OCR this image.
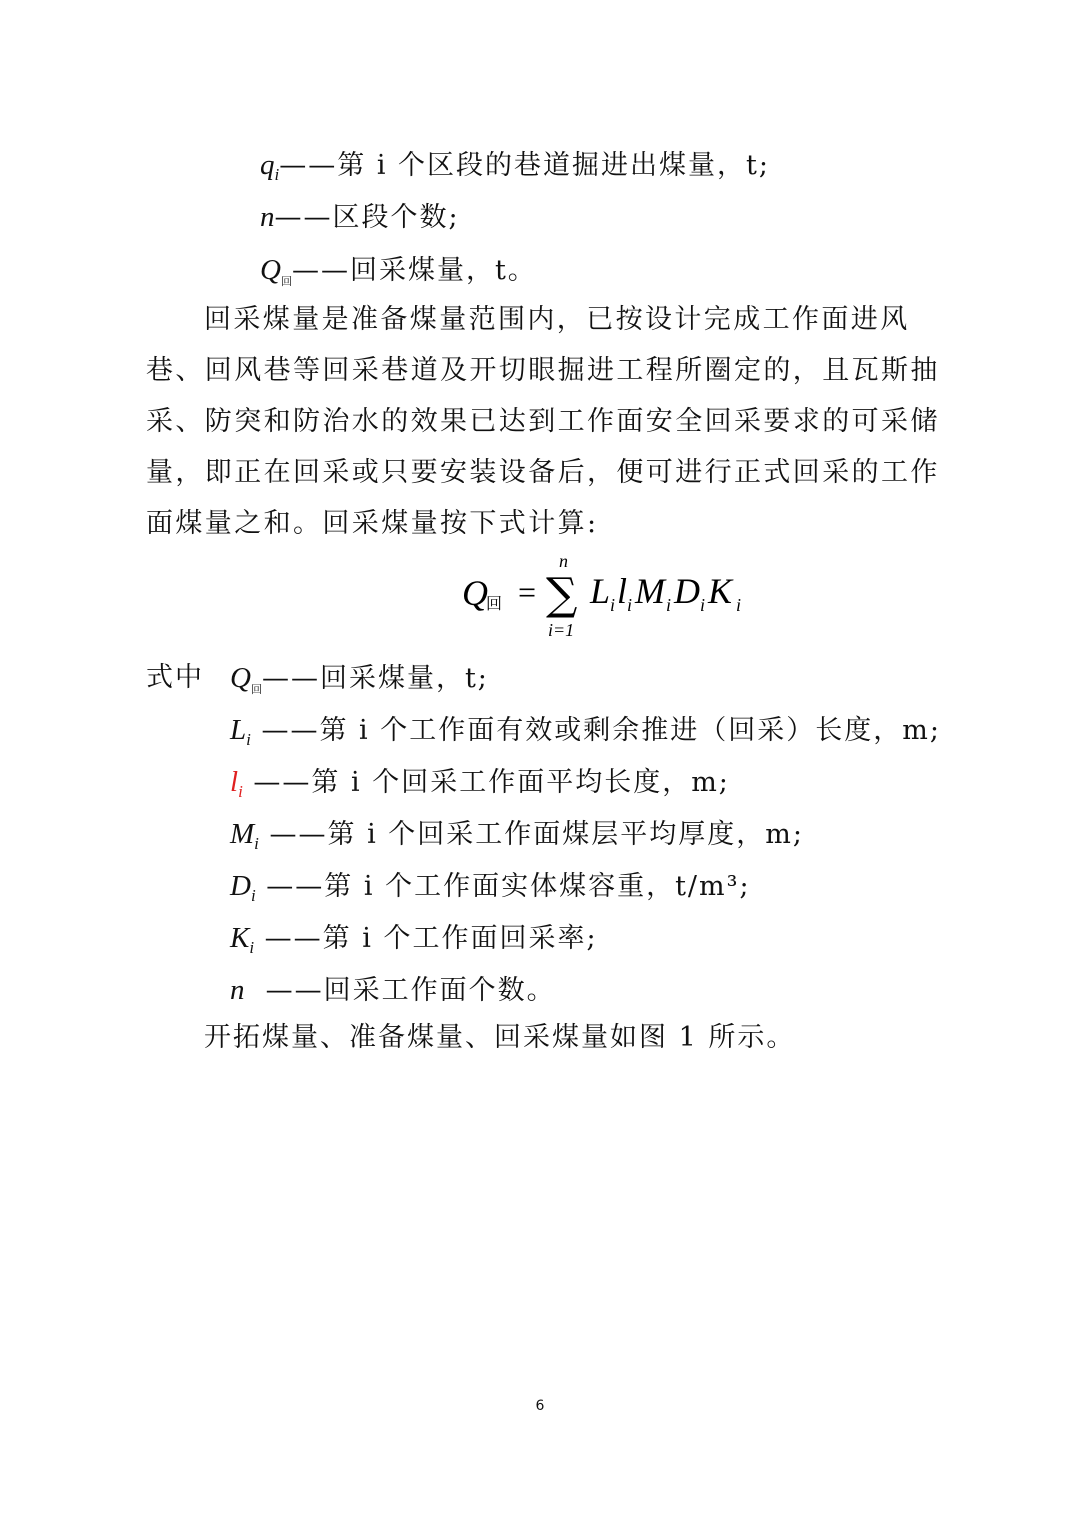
$q_i——$第 i 个区段的巷道掘进出煤量，t;
n——区段个数;
$Q_回——$回采煤量，t。
回采煤量是准备煤量范围内，已按设计完成工作面进风巷、回风巷等回采巷道及开切眼掘进工程所圈定的，且瓦斯抽采、防突和防治水的效果已达到工作面安全回采要求的可采储量，即正在回采或只要安装设备后，便可进行正式回采的工作面煤量之和。回采煤量按下式计算:
Q
回 = ∑
n
i=1
L i l i M i D i K i
式中 $Q_回——$回采煤量，t;
$L_i$ ——第 i 个工作面有效或剩余推进（回采）长度，m;
$l_i$ ——第 i 个回采工作面平均长度，m;
$M_i$ ——第 i 个回采工作面煤层平均厚度，m;
$D_i$ ——第 i 个工作面实体煤容重，t/m³;
$K_i$ ——第 i 个工作面回采率;
n ——回采工作面个数。
开拓煤量、准备煤量、回采煤量如图 1 所示。
6
